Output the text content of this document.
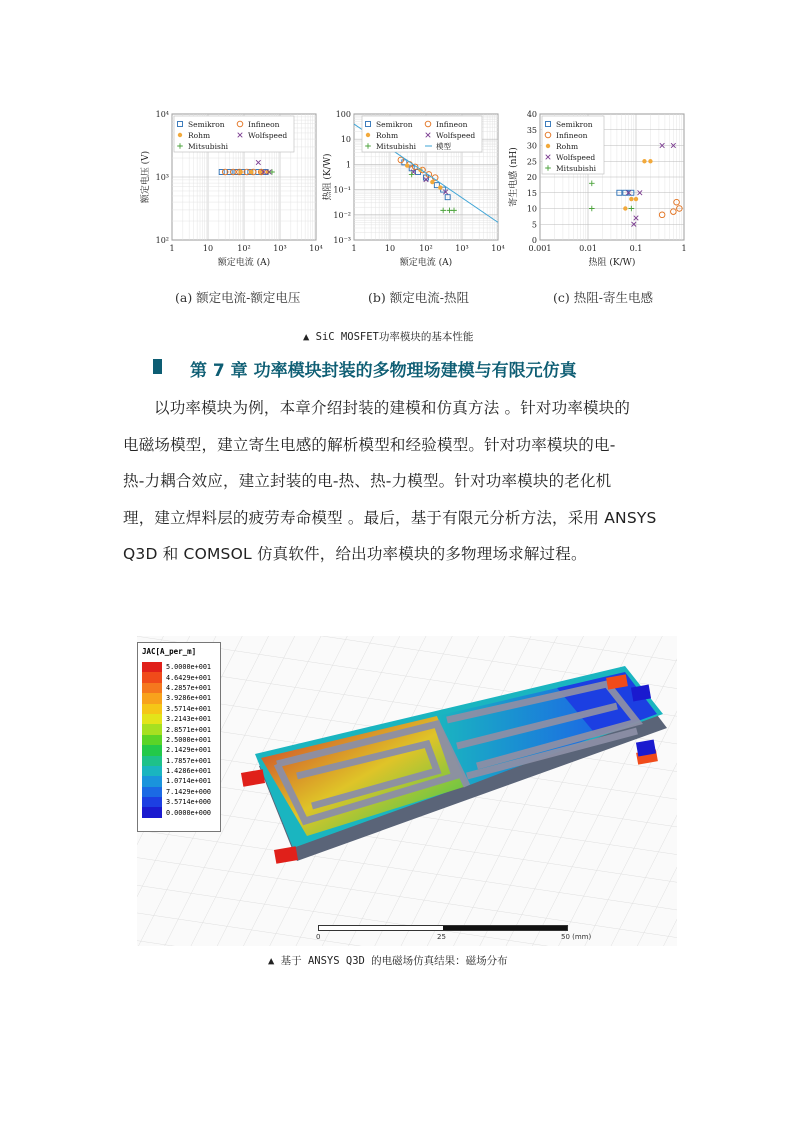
1	10	10²	10³	10⁴
10²
10³
10⁴
额定电流 (A)
额定电压 (V)
Semikron	Infineon
Rohm	Wolfspeed
Mitsubishi
1	10	10²	10³	10⁴
10⁻³
10⁻²
10⁻¹
1
10
100
额定电流 (A)
热阻 (K/W)
Semikron	Infineon
Rohm	Wolfspeed
Mitsubishi	模型
0.001	0.01	0.1	1
0
5
10
15
20
25
30
35
40
热阻 (K/W)
寄生电感 (nH)
Semikron
Infineon
Rohm
Wolfspeed
Mitsubishi
(a) 额定电流-额定电压	(b) 额定电流-热阻	(c) 热阻-寄生电感
▲ SiC MOSFET功率模块的基本性能
第 7 章 功率模块封装的多物理场建模与有限元仿真
以功率模块为例，本章介绍封装的建模和仿真方法 。针对功率模块的
电磁场模型，建立寄生电感的解析模型和经验模型。针对功率模块的电-
热-力耦合效应，建立封装的电-热、热-力模型。针对功率模块的老化机
理，建立焊料层的疲劳寿命模型 。最后，基于有限元分析方法，采用 ANSYS
Q3D 和 COMSOL 仿真软件，给出功率模块的多物理场求解过程。
JAC[A_per_m]
5.0000e+001
4.6429e+001
4.2857e+001
3.9286e+001
3.5714e+001
3.2143e+001
2.8571e+001
2.5000e+001
2.1429e+001
1.7857e+001
1.4286e+001
1.0714e+001
7.1429e+000
3.5714e+000
0.0000e+000
0	25	50 (mm)
▲ 基于 ANSYS Q3D 的电磁场仿真结果：磁场分布
